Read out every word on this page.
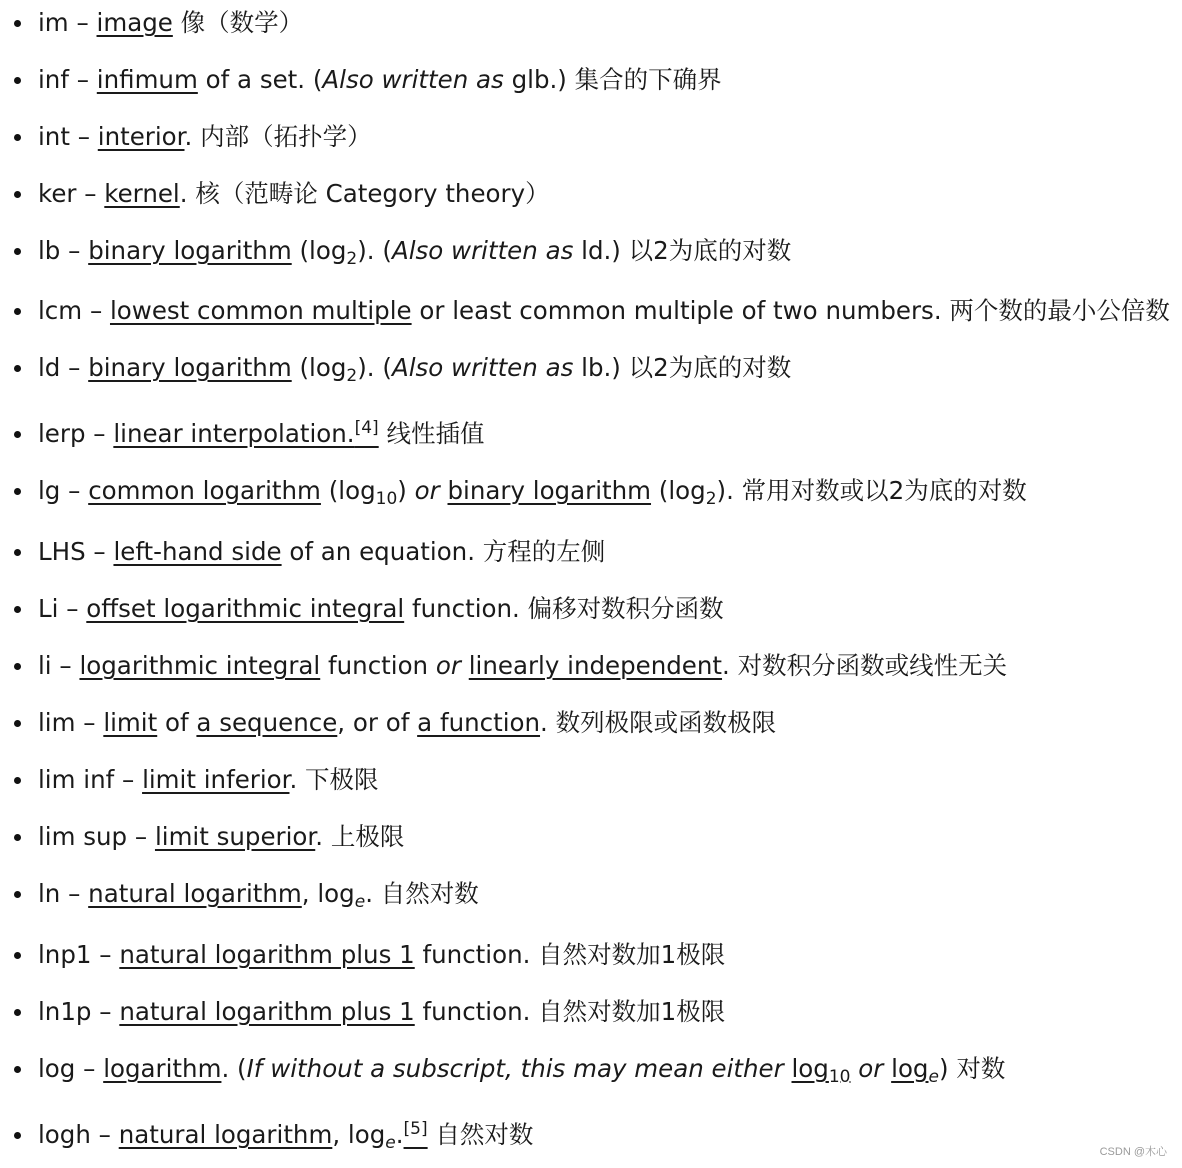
im – image 像（数学）
inf – infimum of a set. (Also written as glb.) 集合的下确界
int – interior. 内部（拓扑学）
ker – kernel. 核（范畴论 Category theory）
lb – binary logarithm $(\log_2)$. (Also written as ld.) 以2为底的对数
lcm – lowest common multiple or least common multiple of two numbers. 两个数的最小公倍数
ld – binary logarithm $(\log_2)$. (Also written as lb.) 以2为底的对数
lerp – linear interpolation.[4] 线性插值
lg – common logarithm $(\log_{10})$ or binary logarithm $(\log_2)$. 常用对数或以2为底的对数
LHS – left-hand side of an equation. 方程的左侧
Li – offset logarithmic integral function. 偏移对数积分函数
li – logarithmic integral function or linearly independent. 对数积分函数或线性无关
lim – limit of a sequence, or of a function. 数列极限或函数极限
lim inf – limit inferior. 下极限
lim sup – limit superior. 上极限
ln – natural logarithm, $\log_e$. 自然对数
lnp1 – natural logarithm plus 1 function. 自然对数加1极限
ln1p – natural logarithm plus 1 function. 自然对数加1极限
log – logarithm. (If without a subscript, this may mean either $\log_{10}$ or $\log_e$) 对数
logh – natural logarithm, $\log_e.[5]$ 自然对数
CSDN @木心
